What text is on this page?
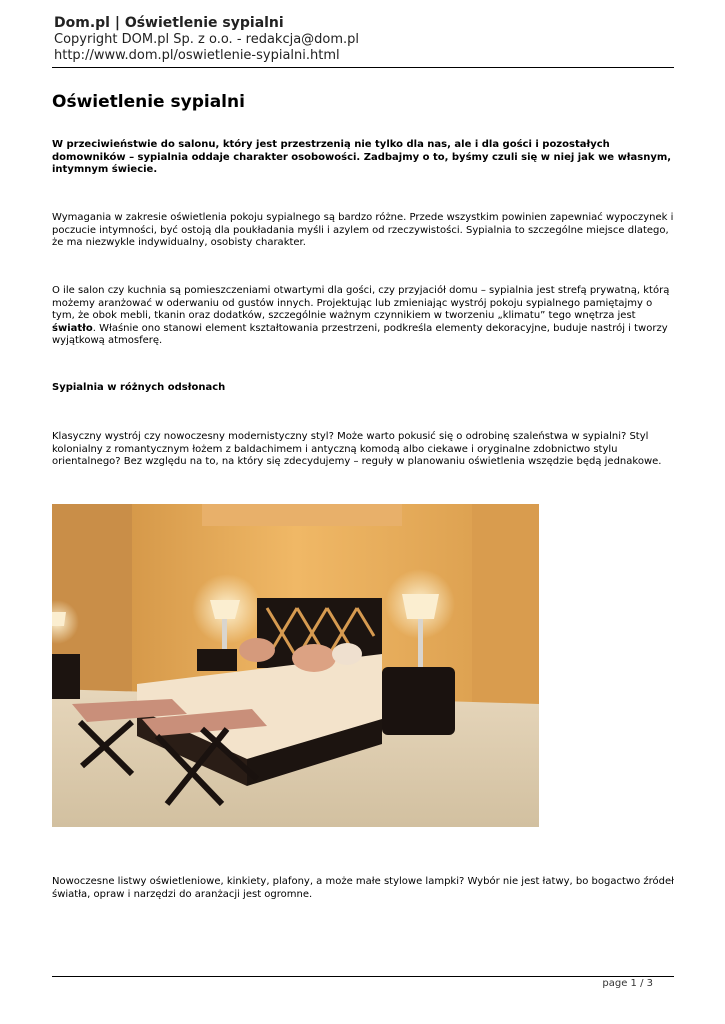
Dom.pl | Oświetlenie sypialni
Copyright DOM.pl Sp. z o.o. - redakcja@dom.pl
http://www.dom.pl/oswietlenie-sypialni.html
Oświetlenie sypialni

W przeciwieństwie do salonu, który jest przestrzenią nie tylko dla nas, ale i dla gości i pozostałych domowników – sypialnia oddaje charakter osobowości. Zadbajmy o to, byśmy czuli się w niej jak we własnym, intymnym świecie.

Wymagania w zakresie oświetlenia pokoju sypialnego są bardzo różne. Przede wszystkim powinien zapewniać wypoczynek i poczucie intymności, być ostoją dla poukładania myśli i azylem od rzeczywistości. Sypialnia to szczególne miejsce dlatego, że ma niezwykle indywidualny, osobisty charakter.

O ile salon czy kuchnia są pomieszczeniami otwartymi dla gości, czy przyjaciół domu – sypialnia jest strefą prywatną, którą możemy aranżować w oderwaniu od gustów innych. Projektując lub zmieniając wystrój pokoju sypialnego pamiętajmy o tym, że obok mebli, tkanin oraz dodatków, szczególnie ważnym czynnikiem w tworzeniu „klimatu” tego wnętrza jest światło. Właśnie ono stanowi element kształtowania przestrzeni, podkreśla elementy dekoracyjne, buduje nastrój i tworzy wyjątkową atmosferę.

Sypialnia w różnych odsłonach

Klasyczny wystrój czy nowoczesny modernistyczny styl? Może warto pokusić się o odrobinę szaleństwa w sypialni? Styl kolonialny z romantycznym łożem z baldachimem i antyczną komodą albo ciekawe i oryginalne zdobnictwo stylu orientalnego? Bez względu na to, na który się zdecydujemy – reguły w planowaniu oświetlenia wszędzie będą jednakowe.

Nowoczesne listwy oświetleniowe, kinkiety, plafony, a może małe stylowe lampki? Wybór nie jest łatwy, bo bogactwo źródeł światła, opraw i narzędzi do aranżacji jest ogromne.

page 1 / 3
